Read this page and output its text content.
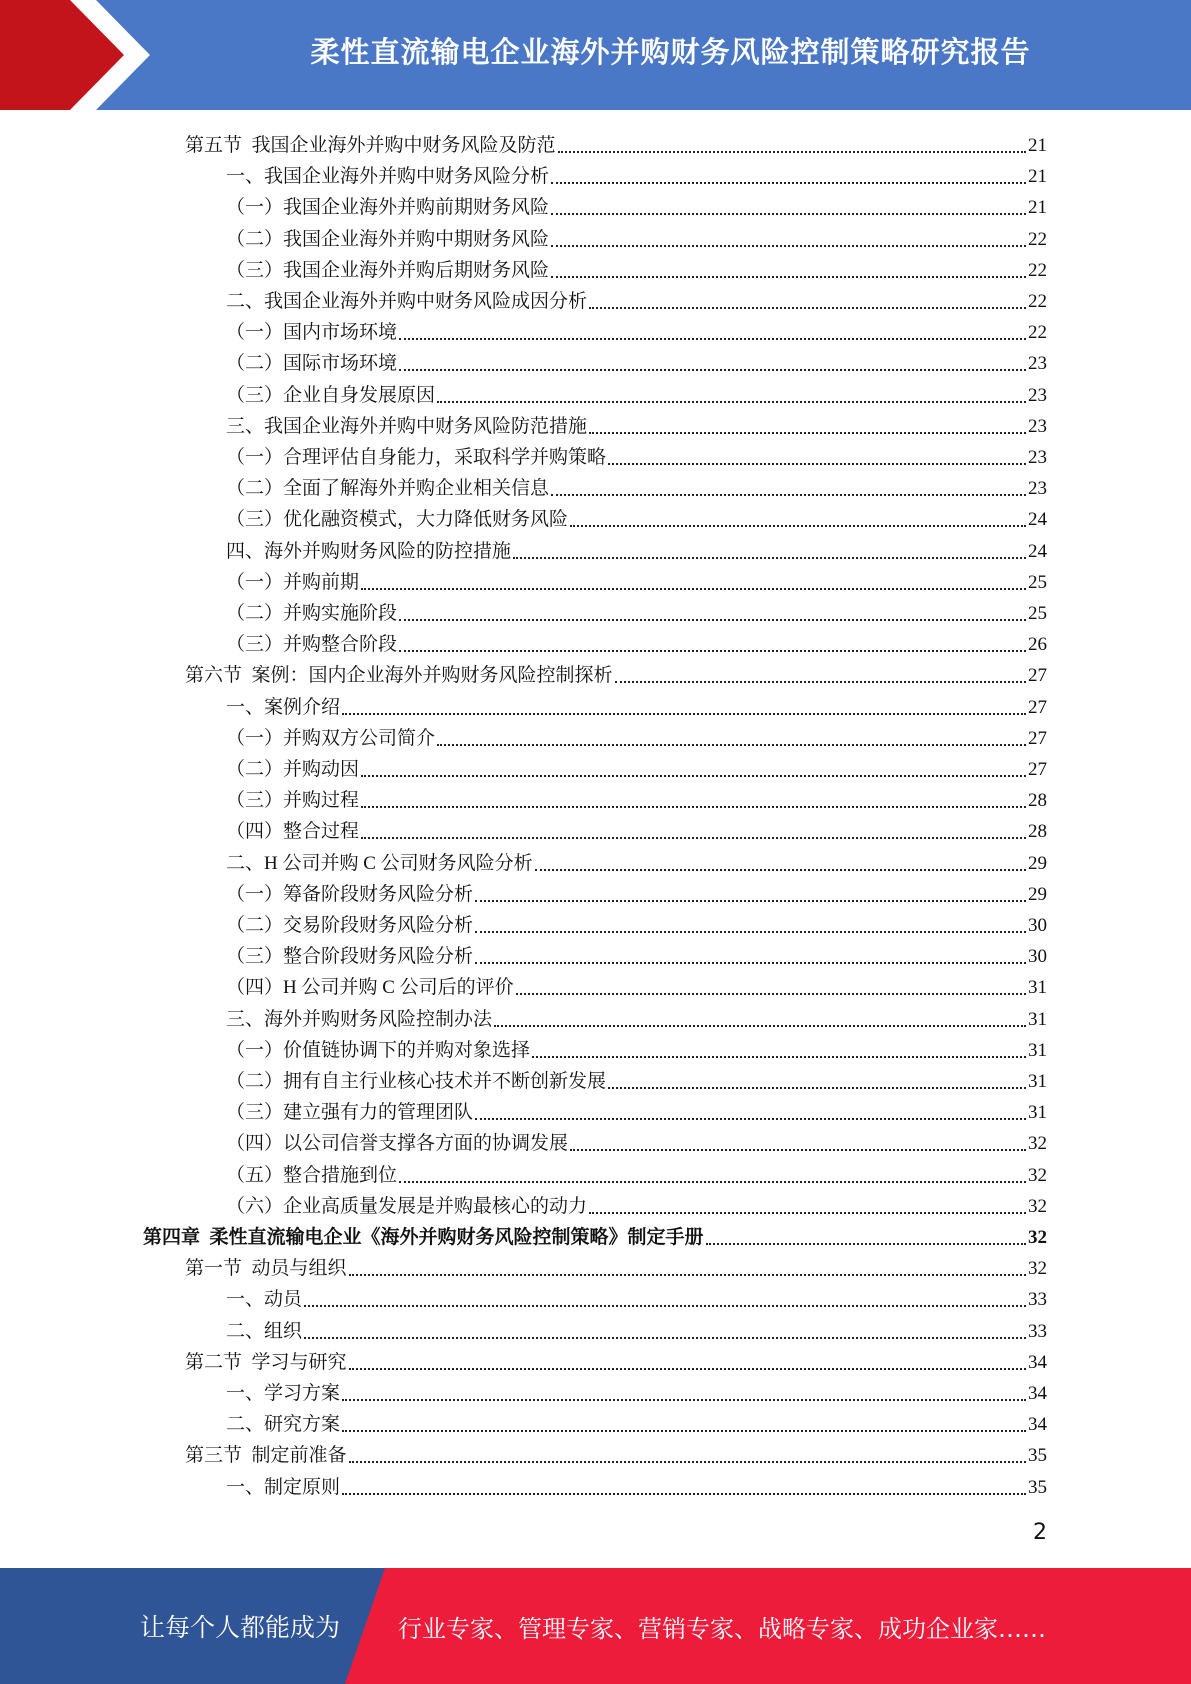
柔性直流输电企业海外并购财务风险控制策略研究报告
第五节  我国企业海外并购中财务风险及防范	21
一、我国企业海外并购中财务风险分析	21
（一）我国企业海外并购前期财务风险	21
（二）我国企业海外并购中期财务风险	22
（三）我国企业海外并购后期财务风险	22
二、我国企业海外并购中财务风险成因分析	22
（一）国内市场环境	22
（二）国际市场环境	23
（三）企业自身发展原因	23
三、我国企业海外并购中财务风险防范措施	23
（一）合理评估自身能力，采取科学并购策略	23
（二）全面了解海外并购企业相关信息	23
（三）优化融资模式，大力降低财务风险	24
四、海外并购财务风险的防控措施	24
（一）并购前期	25
（二）并购实施阶段	25
（三）并购整合阶段	26
第六节  案例：国内企业海外并购财务风险控制探析	27
一、案例介绍	27
（一）并购双方公司简介	27
（二）并购动因	27
（三）并购过程	28
（四）整合过程	28
二、H 公司并购 C 公司财务风险分析	29
（一）筹备阶段财务风险分析	29
（二）交易阶段财务风险分析	30
（三）整合阶段财务风险分析	30
（四）H 公司并购 C 公司后的评价	31
三、海外并购财务风险控制办法	31
（一）价值链协调下的并购对象选择	31
（二）拥有自主行业核心技术并不断创新发展	31
（三）建立强有力的管理团队	31
（四）以公司信誉支撑各方面的协调发展	32
（五）整合措施到位	32
（六）企业高质量发展是并购最核心的动力	32
第四章  柔性直流输电企业《海外并购财务风险控制策略》制定手册	32
第一节  动员与组织	32
一、动员	33
二、组织	33
第二节  学习与研究	34
一、学习方案	34
二、研究方案	34
第三节  制定前准备	35
一、制定原则	35
2
让每个人都能成为 行业专家、管理专家、营销专家、战略专家、成功企业家……
